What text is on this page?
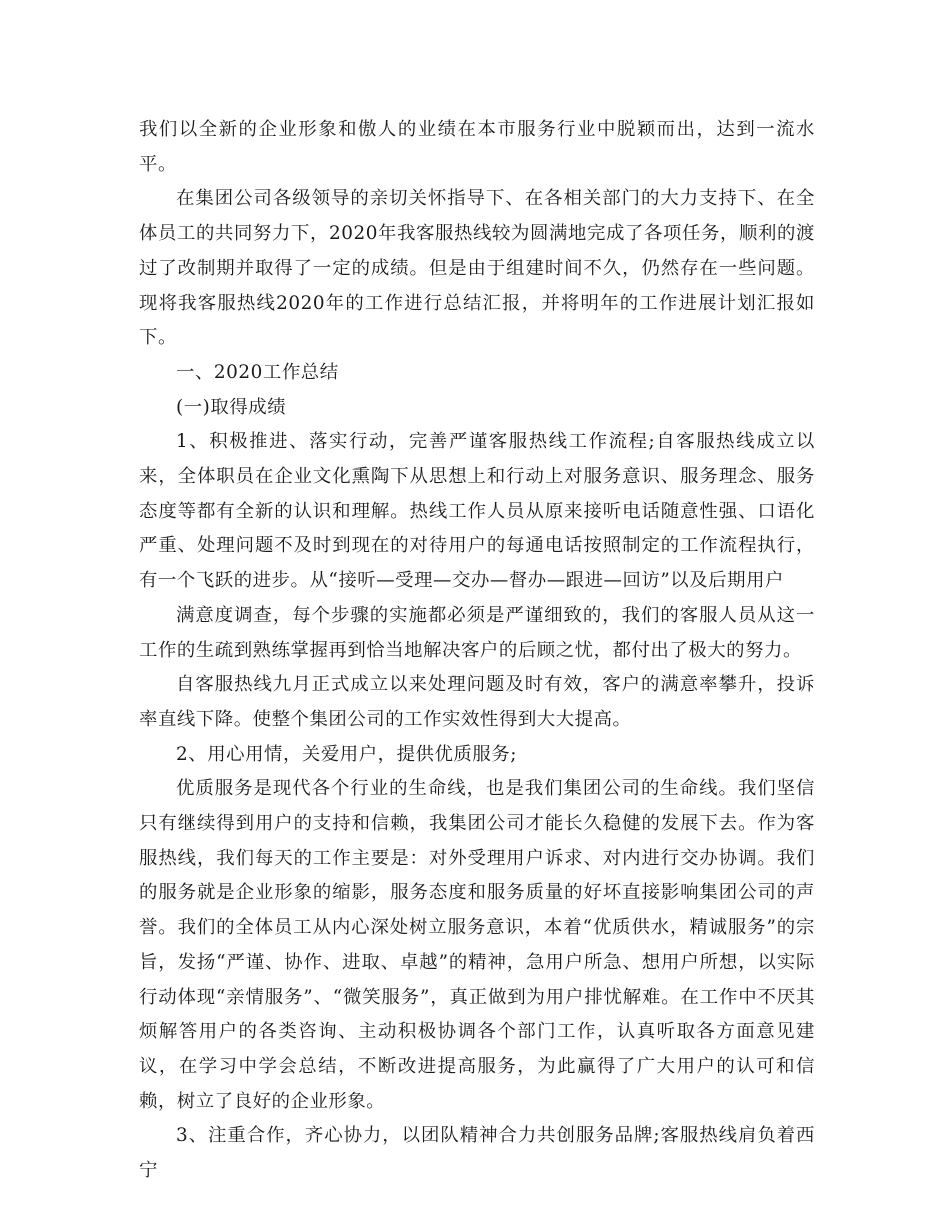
我们以全新的企业形象和傲人的业绩在本市服务行业中脱颖而出，达到一流水平。

在集团公司各级领导的亲切关怀指导下、在各相关部门的大力支持下、在全体员工的共同努力下，2020年我客服热线较为圆满地完成了各项任务，顺利的渡过了改制期并取得了一定的成绩。但是由于组建时间不久，仍然存在一些问题。现将我客服热线2020年的工作进行总结汇报，并将明年的工作进展计划汇报如下。

一、2020工作总结

(一)取得成绩

1、积极推进、落实行动，完善严谨客服热线工作流程;自客服热线成立以来，全体职员在企业文化熏陶下从思想上和行动上对服务意识、服务理念、服务态度等都有全新的认识和理解。热线工作人员从原来接听电话随意性强、口语化严重、处理问题不及时到现在的对待用户的每通电话按照制定的工作流程执行，有一个飞跃的进步。从“接听—受理—交办—督办—跟进—回访”以及后期用户

满意度调查，每个步骤的实施都必须是严谨细致的，我们的客服人员从这一工作的生疏到熟练掌握再到恰当地解决客户的后顾之忧，都付出了极大的努力。

自客服热线九月正式成立以来处理问题及时有效，客户的满意率攀升，投诉率直线下降。使整个集团公司的工作实效性得到大大提高。

2、用心用情，关爱用户，提供优质服务;

优质服务是现代各个行业的生命线，也是我们集团公司的生命线。我们坚信只有继续得到用户的支持和信赖，我集团公司才能长久稳健的发展下去。作为客服热线，我们每天的工作主要是：对外受理用户诉求、对内进行交办协调。我们的服务就是企业形象的缩影，服务态度和服务质量的好坏直接影响集团公司的声誉。我们的全体员工从内心深处树立服务意识，本着“优质供水，精诚服务”的宗旨，发扬“严谨、协作、进取、卓越”的精神，急用户所急、想用户所想，以实际行动体现“亲情服务”、“微笑服务”，真正做到为用户排忧解难。在工作中不厌其烦解答用户的各类咨询、主动积极协调各个部门工作，认真听取各方面意见建议，在学习中学会总结，不断改进提高服务，为此赢得了广大用户的认可和信赖，树立了良好的企业形象。

3、注重合作，齐心协力，以团队精神合力共创服务品牌;客服热线肩负着西宁
